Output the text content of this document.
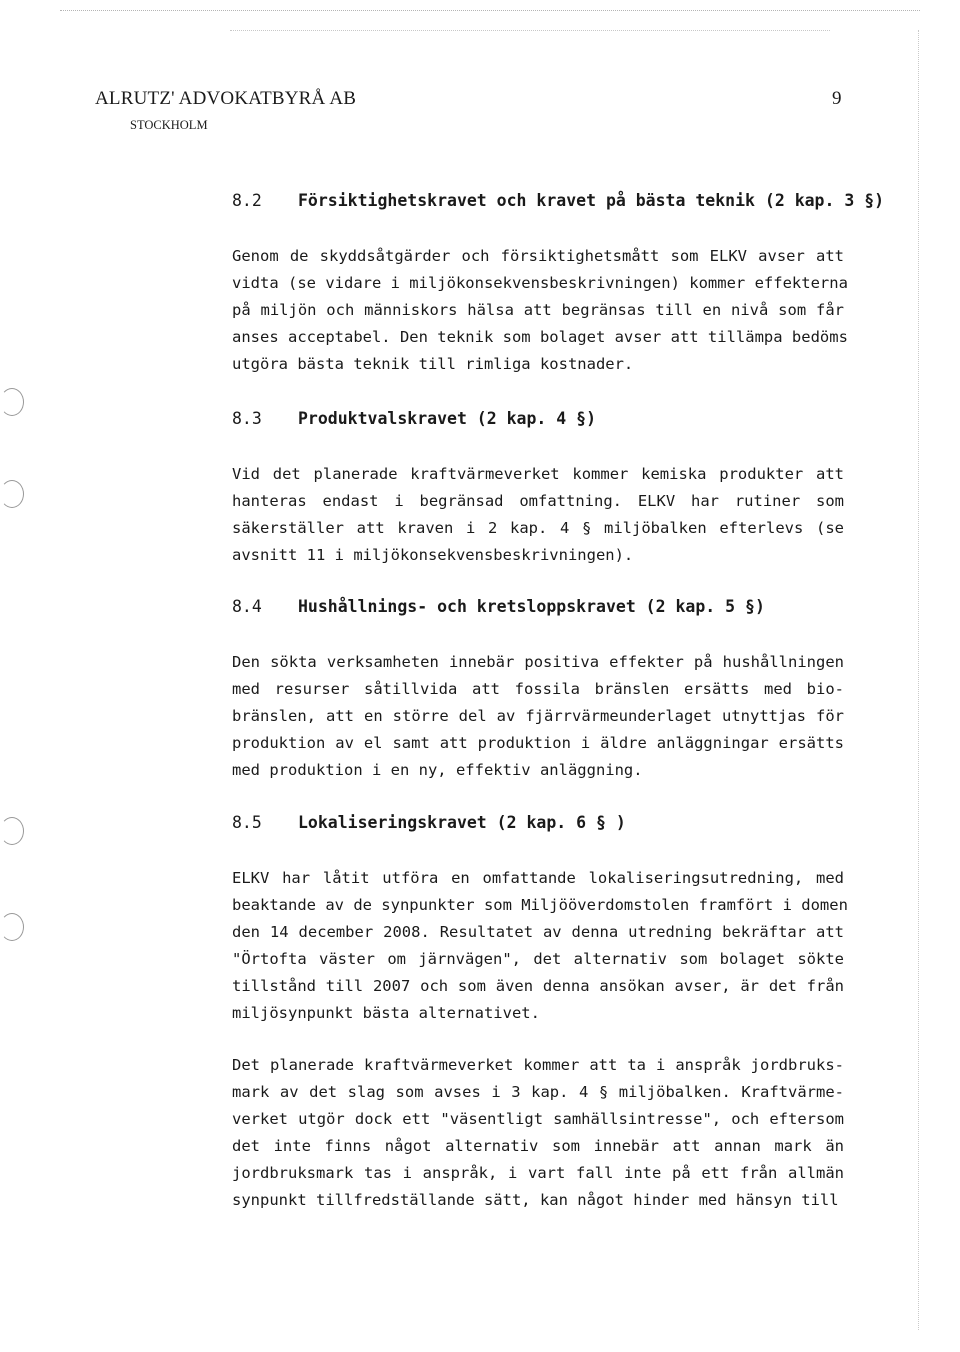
ALRUTZ' ADVOKATBYRÅ AB
STOCKHOLM
9
8.2 Försiktighetskravet och kravet på bästa teknik (2 kap. 3 §)
Genom de skyddsåtgärder och försiktighetsmått som ELKV avser att
vidta (se vidare i miljökonsekvensbeskrivningen) kommer effekterna
på miljön och människors hälsa att begränsas till en nivå som får
anses acceptabel. Den teknik som bolaget avser att tillämpa bedöms
utgöra bästa teknik till rimliga kostnader.
8.3 Produktvalskravet (2 kap. 4 §)
Vid det planerade kraftvärmeverket kommer kemiska produkter att
hanteras endast i begränsad omfattning. ELKV har rutiner som
säkerställer att kraven i 2 kap. 4 § miljöbalken efterlevs (se
avsnitt 11 i miljökonsekvensbeskrivningen).
8.4 Hushållnings- och kretsloppskravet (2 kap. 5 §)
Den sökta verksamheten innebär positiva effekter på hushållningen
med resurser såtillvida att fossila bränslen ersätts med bio-
bränslen, att en större del av fjärrvärmeunderlaget utnyttjas för
produktion av el samt att produktion i äldre anläggningar ersätts
med produktion i en ny, effektiv anläggning.
8.5 Lokaliseringskravet (2 kap. 6 § )
ELKV har låtit utföra en omfattande lokaliseringsutredning, med
beaktande av de synpunkter som Miljööverdomstolen framfört i domen
den 14 december 2008. Resultatet av denna utredning bekräftar att
"Örtofta väster om järnvägen", det alternativ som bolaget sökte
tillstånd till 2007 och som även denna ansökan avser, är det från
miljösynpunkt bästa alternativet.
Det planerade kraftvärmeverket kommer att ta i anspråk jordbruks-
mark av det slag som avses i 3 kap. 4 § miljöbalken. Kraftvärme-
verket utgör dock ett "väsentligt samhällsintresse", och eftersom
det inte finns något alternativ som innebär att annan mark än
jordbruksmark tas i anspråk, i vart fall inte på ett från allmän
synpunkt tillfredställande sätt, kan något hinder med hänsyn till
